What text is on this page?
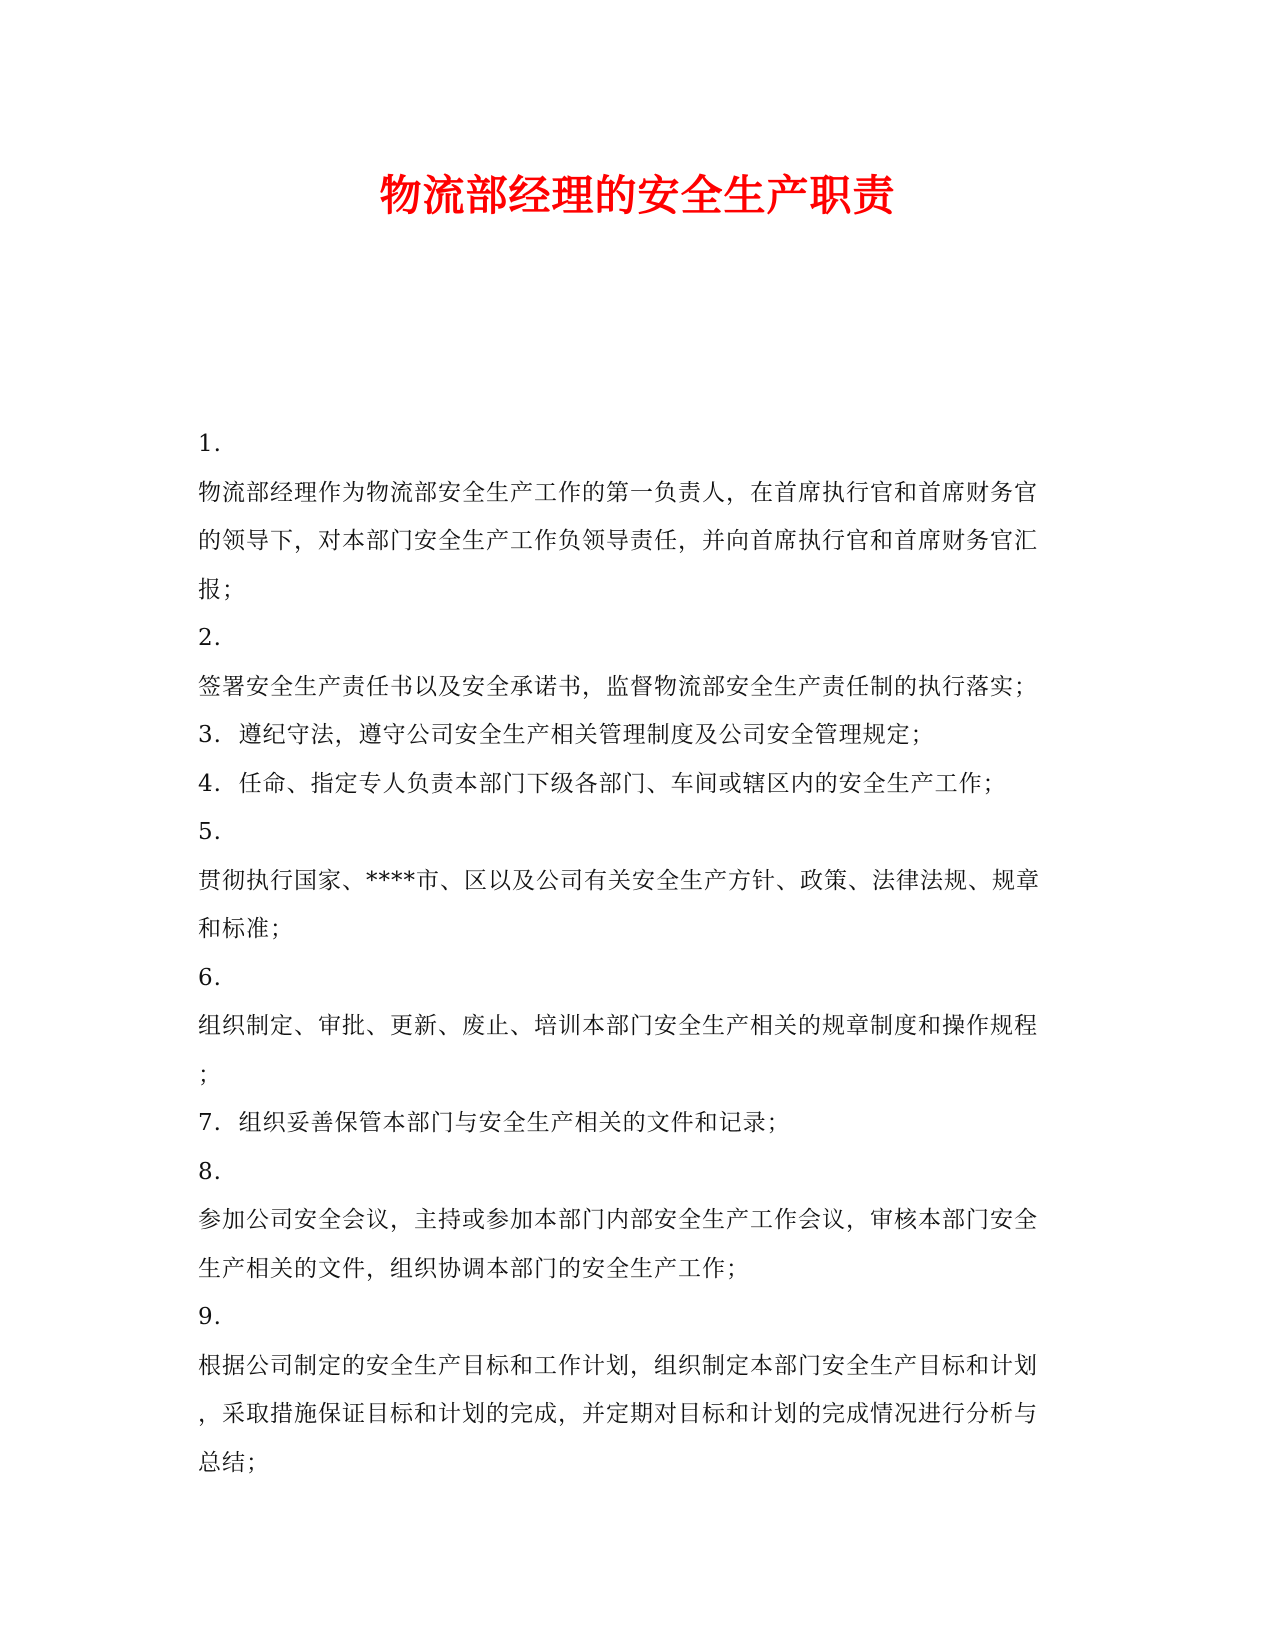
物流部经理的安全生产职责
1.
物流部经理作为物流部安全生产工作的第一负责人，在首席执行官和首席财务官
的领导下，对本部门安全生产工作负领导责任，并向首席执行官和首席财务官汇
报；
2.
签署安全生产责任书以及安全承诺书，监督物流部安全生产责任制的执行落实；
3.  遵纪守法，遵守公司安全生产相关管理制度及公司安全管理规定；
4.  任命、指定专人负责本部门下级各部门、车间或辖区内的安全生产工作；
5.
贯彻执行国家、****市、区以及公司有关安全生产方针、政策、法律法规、规章
和标准；
6.
组织制定、审批、更新、废止、培训本部门安全生产相关的规章制度和操作规程
；
7.  组织妥善保管本部门与安全生产相关的文件和记录；
8.
参加公司安全会议，主持或参加本部门内部安全生产工作会议，审核本部门安全
生产相关的文件，组织协调本部门的安全生产工作；
9.
根据公司制定的安全生产目标和工作计划，组织制定本部门安全生产目标和计划
，采取措施保证目标和计划的完成，并定期对目标和计划的完成情况进行分析与
总结；
